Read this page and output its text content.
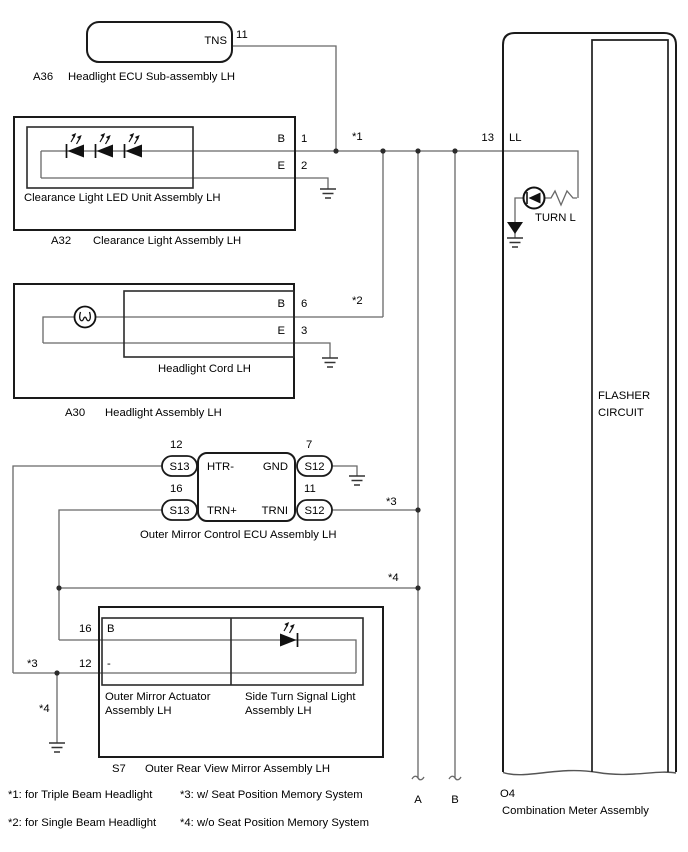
TNS 11
A36 Headlight ECU Sub-assembly LH
B 1
E 2
Clearance Light LED Unit Assembly LH
A32 Clearance Light Assembly LH
*1
*2
B 6
E 3
Headlight Cord LH
A30 Headlight Assembly LH
12	7
S13	S12
HTR-	GND
16	11
S13	S12
TRN+ TRNI
Outer Mirror Control ECU Assembly LH
*3
*4
16 B
12 -
Outer Mirror Actuator
Assembly LH
Side Turn Signal Light
Assembly LH
S7 Outer Rear View Mirror Assembly LH
*3
*4
13 LL
TURN L
FLASHER
CIRCUIT
O4
Combination Meter Assembly
A	B
*1: for Triple Beam Headlight *3: w/ Seat Position Memory System
*2: for Single Beam Headlight *4: w/o Seat Position Memory System
